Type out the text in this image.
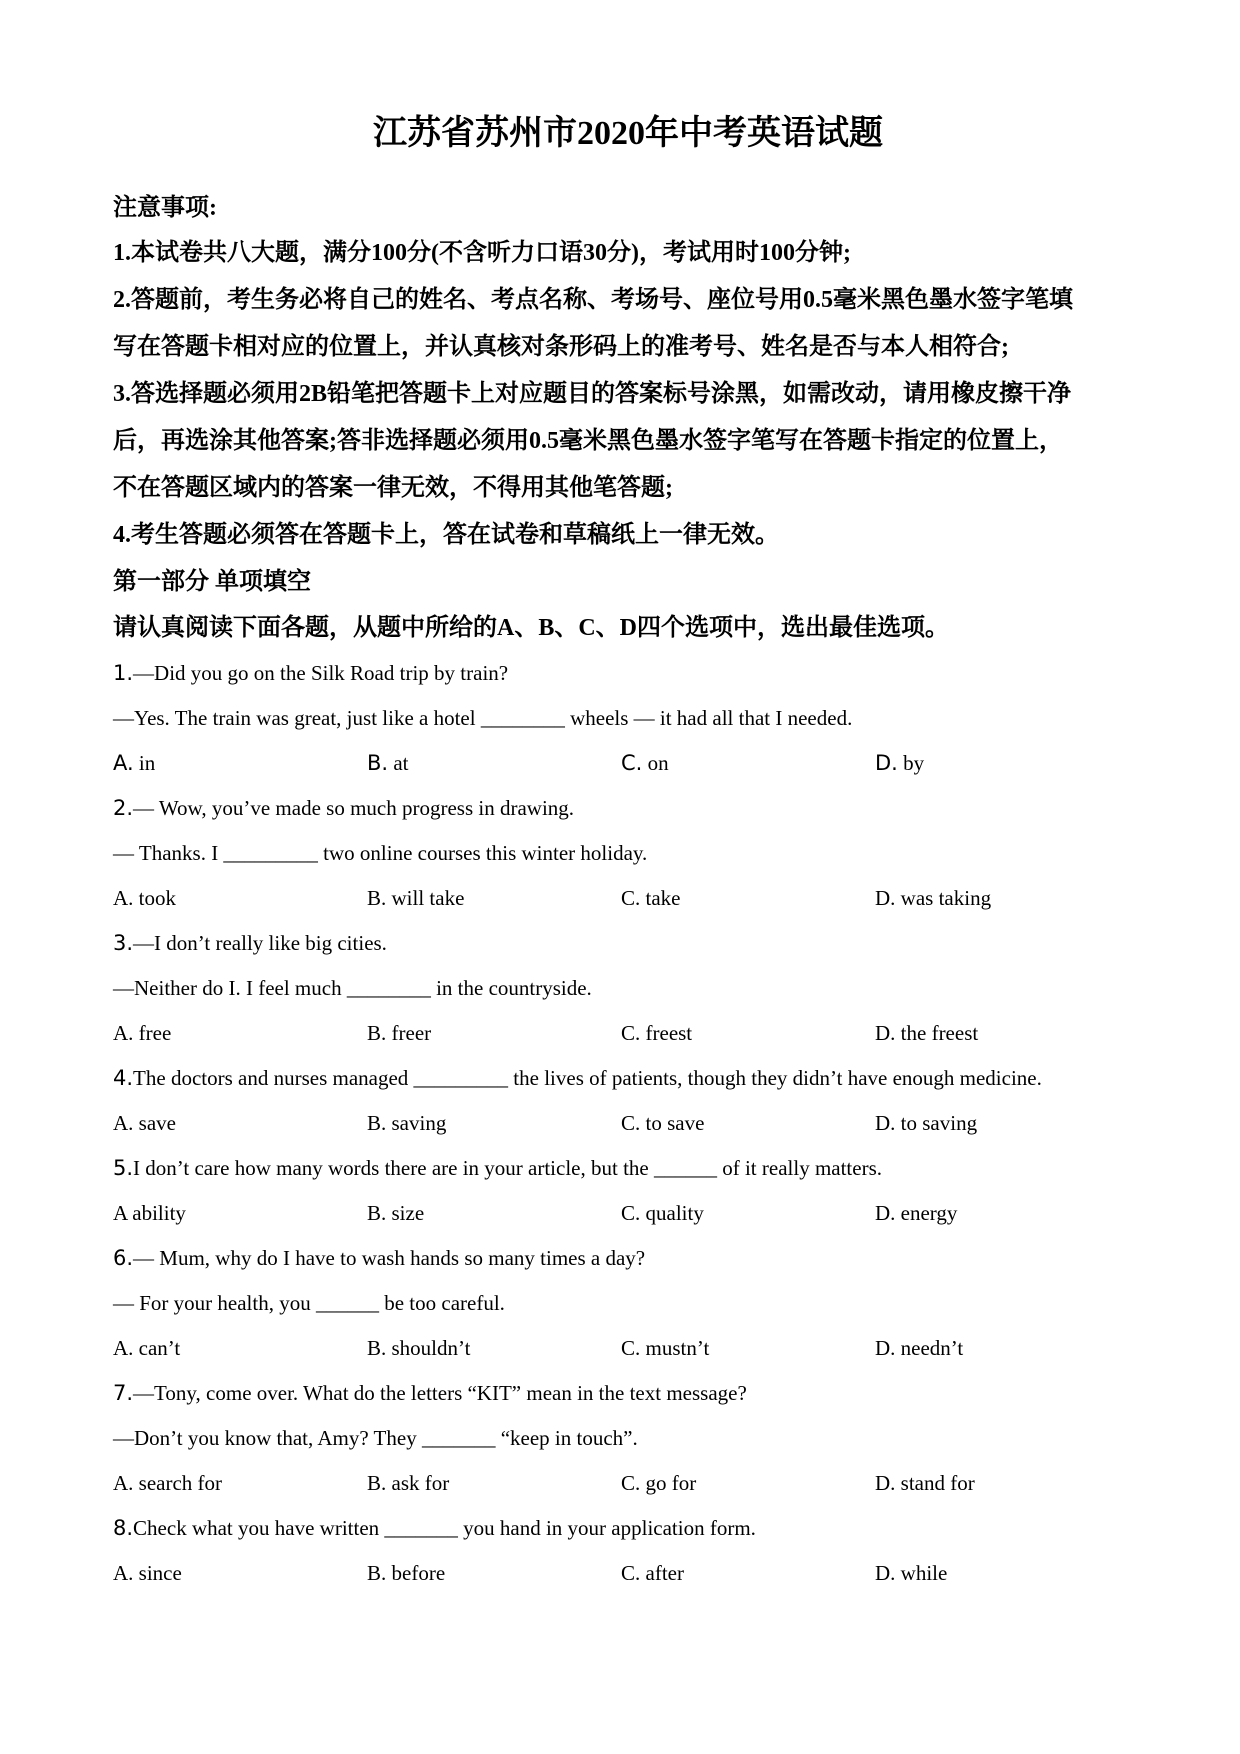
江苏省苏州市2020年中考英语试题
注意事项:
1.本试卷共八大题，满分100分(不含听力口语30分)，考试用时100分钟;
2.答题前，考生务必将自己的姓名、考点名称、考场号、座位号用0.5毫米黑色墨水签字笔填
写在答题卡相对应的位置上，并认真核对条形码上的准考号、姓名是否与本人相符合;
3.答选择题必须用2B铅笔把答题卡上对应题目的答案标号涂黑，如需改动，请用橡皮擦干净
后，再选涂其他答案;答非选择题必须用0.5毫米黑色墨水签字笔写在答题卡指定的位置上，
不在答题区域内的答案一律无效，不得用其他笔答题;
4.考生答题必须答在答题卡上，答在试卷和草稿纸上一律无效。
第一部分 单项填空
请认真阅读下面各题，从题中所给的A、B、C、D四个选项中，选出最佳选项。
1.—Did you go on the Silk Road trip by train?
—Yes. The train was great, just like a hotel ________ wheels — it had all that I needed.
A. in	B. at	C. on	D. by
2.— Wow, you’ve made so much progress in drawing.
— Thanks. I _________ two online courses this winter holiday.
A. took	B. will take	C. take	D. was taking
3.—I don’t really like big cities.
—Neither do I. I feel much ________ in the countryside.
A. free	B. freer	C. freest	D. the freest
4.The doctors and nurses managed _________ the lives of patients, though they didn’t have enough medicine.
A. save	B. saving	C. to save	D. to saving
5.I don’t care how many words there are in your article, but the ______ of it really matters.
A ability	B. size	C. quality	D. energy
6.— Mum, why do I have to wash hands so many times a day?
— For your health, you ______ be too careful.
A. can’t	B. shouldn’t	C. mustn’t	D. needn’t
7.—Tony, come over. What do the letters “KIT” mean in the text message?
—Don’t you know that, Amy? They _______ “keep in touch”.
A. search for	B. ask for	C. go for	D. stand for
8.Check what you have written _______ you hand in your application form.
A. since	B. before	C. after	D. while
